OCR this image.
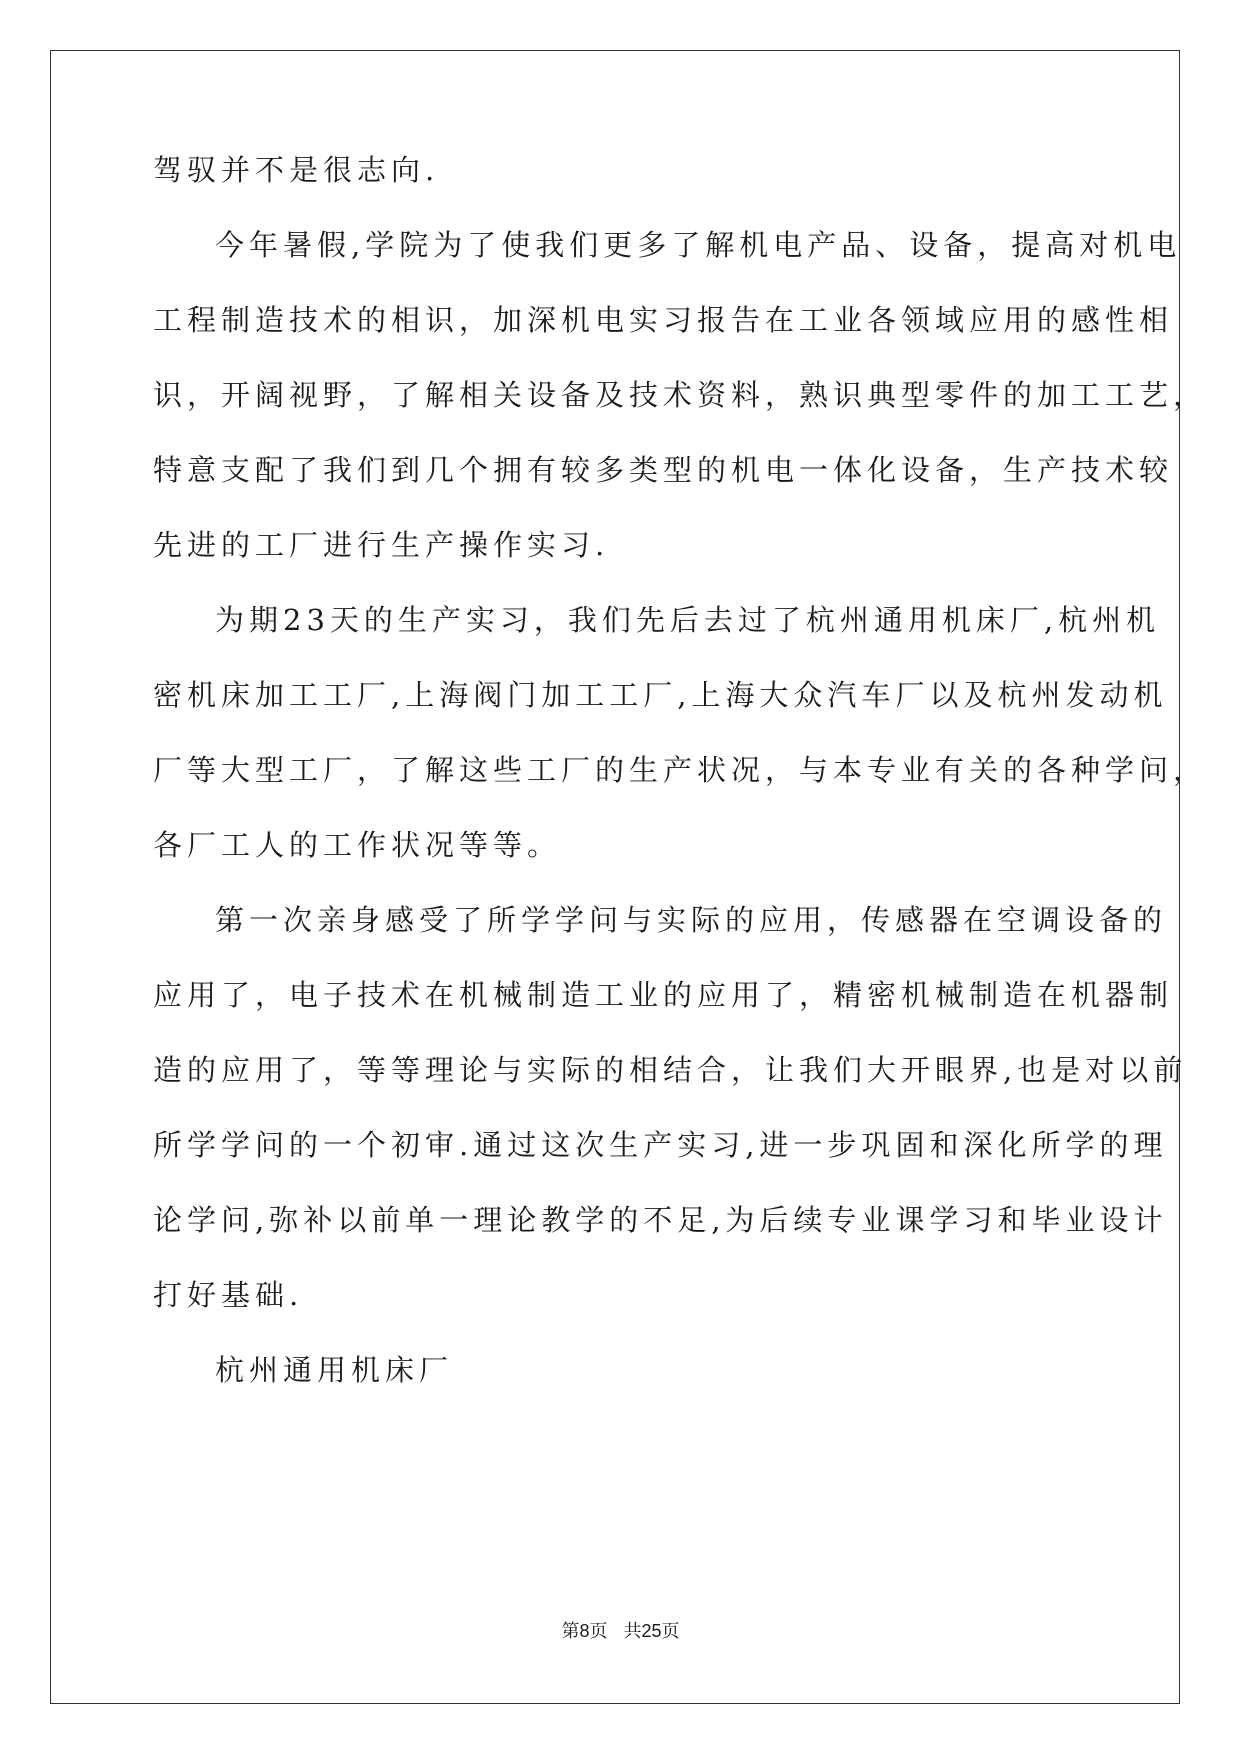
驾驭并不是很志向.
今年暑假,学院为了使我们更多了解机电产品、设备，提高对机电
工程制造技术的相识，加深机电实习报告在工业各领域应用的感性相
识，开阔视野，了解相关设备及技术资料，熟识典型零件的加工工艺，
特意支配了我们到几个拥有较多类型的机电一体化设备，生产技术较
先进的工厂进行生产操作实习.
为期23天的生产实习，我们先后去过了杭州通用机床厂,杭州机
密机床加工工厂,上海阀门加工工厂,上海大众汽车厂以及杭州发动机
厂等大型工厂，了解这些工厂的生产状况，与本专业有关的各种学问，
各厂工人的工作状况等等。
第一次亲身感受了所学学问与实际的应用，传感器在空调设备的
应用了，电子技术在机械制造工业的应用了，精密机械制造在机器制
造的应用了，等等理论与实际的相结合，让我们大开眼界,也是对以前
所学学问的一个初审.通过这次生产实习,进一步巩固和深化所学的理
论学问,弥补以前单一理论教学的不足,为后续专业课学习和毕业设计
打好基础.
杭州通用机床厂
第8页 共25页
